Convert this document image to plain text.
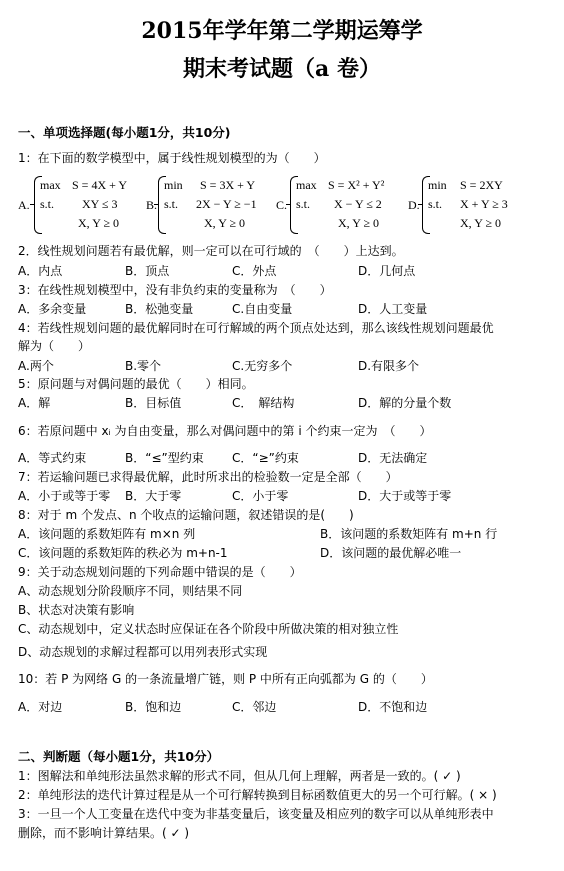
2015年学年第二学期运筹学
期末考试题（a 卷）
一、单项选择题(每小题1分，共10分)
1：在下面的数学模型中，属于线性规划模型的为（　　）
A.
max S = 4X + Y
s.t. XY ≤ 3
X, Y ≥ 0
B.
min S = 3X + Y
s.t. 2X − Y ≥ −1
X, Y ≥ 0
C.
max S = X² + Y²
s.t. X − Y ≤ 2
X, Y ≥ 0
D.
min S = 2XY
s.t. X + Y ≥ 3
X, Y ≥ 0
2．线性规划问题若有最优解，则一定可以在可行域的　（　　）上达到。
A．内点	B．顶点	C．外点	D．几何点
3：在线性规划模型中，没有非负约束的变量称为　（　　）
A．多余变量	B．松弛变量	C.自由变量	D．人工变量
4：若线性规划问题的最优解同时在可行解域的两个顶点处达到，那么该线性规划问题最优
解为（　　）
A.两个	B.零个	C.无穷多个	D.有限多个
5：原问题与对偶问题的最优（　　）相同。
A．解	B．目标值	C．　解结构	D．解的分量个数
6：若原问题中 xᵢ 为自由变量，那么对偶问题中的第 i 个约束一定为　（　　）
A．等式约束	B．“≤”型约束 C．“≥”约束	D．无法确定
7：若运输问题已求得最优解，此时所求出的检验数一定是全部（　　）
A．小于或等于零 B．大于零	C．小于零	D．大于或等于零
8：对于 m 个发点、n 个收点的运输问题，叙述错误的是(　　)
A．该问题的系数矩阵有 m×n 列	B．该问题的系数矩阵有 m+n 行
C．该问题的系数矩阵的秩必为 m+n-1	D．该问题的最优解必唯一
9：关于动态规划问题的下列命题中错误的是（　　）
A、动态规划分阶段顺序不同，则结果不同
B、状态对决策有影响
C、动态规划中，定义状态时应保证在各个阶段中所做决策的相对独立性
D、动态规划的求解过程都可以用列表形式实现
10：若 P 为网络 G 的一条流量增广链，则 P 中所有正向弧都为 G 的（　　）
A．对边	B．饱和边	C．邻边	D．不饱和边
二、判断题（每小题1分，共10分）
1：图解法和单纯形法虽然求解的形式不同，但从几何上理解，两者是一致的。( ✓ )
2：单纯形法的迭代计算过程是从一个可行解转换到目标函数值更大的另一个可行解。( × )
3：一旦一个人工变量在迭代中变为非基变量后，该变量及相应列的数字可以从单纯形表中
删除，而不影响计算结果。( ✓ )
